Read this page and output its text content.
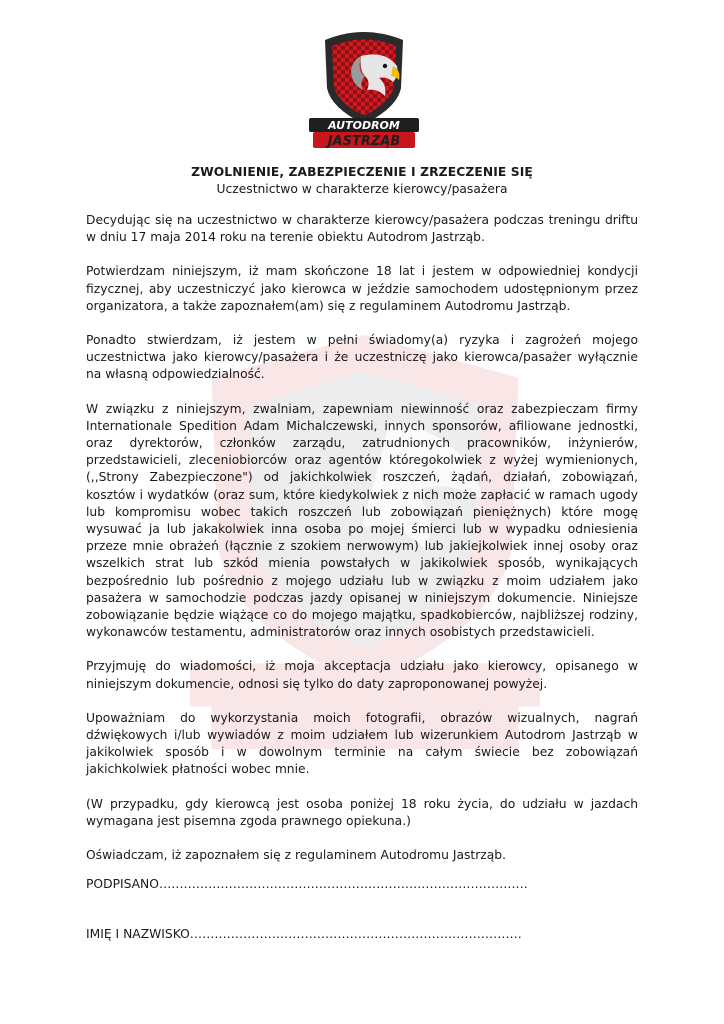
AUTODROM
JASTRZĄB

ZWOLNIENIE, ZABEZPIECZENIE I ZRZECZENIE SIĘ

Uczestnictwo w charakterze kierowcy/pasażera

Decydując się na uczestnictwo w charakterze kierowcy/pasażera podczas treningu driftu w dniu 17 maja 2014 roku na terenie obiektu Autodrom Jastrząb.

Potwierdzam niniejszym, iż mam skończone 18 lat i jestem w odpowiedniej kondycji fizycznej, aby uczestniczyć jako kierowca w jeździe samochodem udostępnionym przez organizatora, a także zapoznałem(am) się z regulaminem Autodromu Jastrząb.

Ponadto stwierdzam, iż jestem w pełni świadomy(a) ryzyka i zagrożeń mojego uczestnictwa jako kierowcy/pasażera i że uczestniczę jako kierowca/pasażer wyłącznie na własną odpowiedzialność.

W związku z niniejszym, zwalniam, zapewniam niewinność oraz zabezpieczam firmy Internationale Spedition Adam Michalczewski, innych sponsorów, afiliowane jednostki, oraz dyrektorów, członków zarządu, zatrudnionych pracowników, inżynierów, przedstawicieli, zleceniobiorców oraz agentów któregokolwiek z wyżej wymienionych, (,,Strony Zabezpieczone") od jakichkolwiek roszczeń, żądań, działań, zobowiązań, kosztów i wydatków (oraz sum, które kiedykolwiek z nich może zapłacić w ramach ugody lub kompromisu wobec takich roszczeń lub zobowiązań pieniężnych) które mogę wysuwać ja lub jakakolwiek inna osoba po mojej śmierci lub w wypadku odniesienia przeze mnie obrażeń (łącznie z szokiem nerwowym) lub jakiejkolwiek innej osoby oraz wszelkich strat lub szkód mienia powstałych w jakikolwiek sposób, wynikających bezpośrednio lub pośrednio z mojego udziału lub w związku z moim udziałem jako pasażera w samochodzie podczas jazdy opisanej w niniejszym dokumencie. Niniejsze zobowiązanie będzie wiążące co do mojego majątku, spadkobierców, najbliższej rodziny, wykonawców testamentu, administratorów oraz innych osobistych przedstawicieli.

Przyjmuję do wiadomości, iż moja akceptacja udziału jako kierowcy, opisanego w niniejszym dokumencie, odnosi się tylko do daty zaproponowanej powyżej.

Upoważniam do wykorzystania moich fotografii, obrazów wizualnych, nagrań dźwiękowych i/lub wywiadów z moim udziałem lub wizerunkiem Autodrom Jastrząb w jakikolwiek sposób i w dowolnym terminie na całym świecie bez zobowiązań jakichkolwiek płatności wobec mnie.

(W przypadku, gdy kierowcą jest osoba poniżej 18 roku życia, do udziału w jazdach wymagana jest pisemna zgoda prawnego opiekuna.)

Oświadczam, iż zapoznałem się z regulaminem Autodromu Jastrząb.

PODPISANO………………………………………………………………………………
IMIĘ I NAZWISKO………………………………………………………………………
